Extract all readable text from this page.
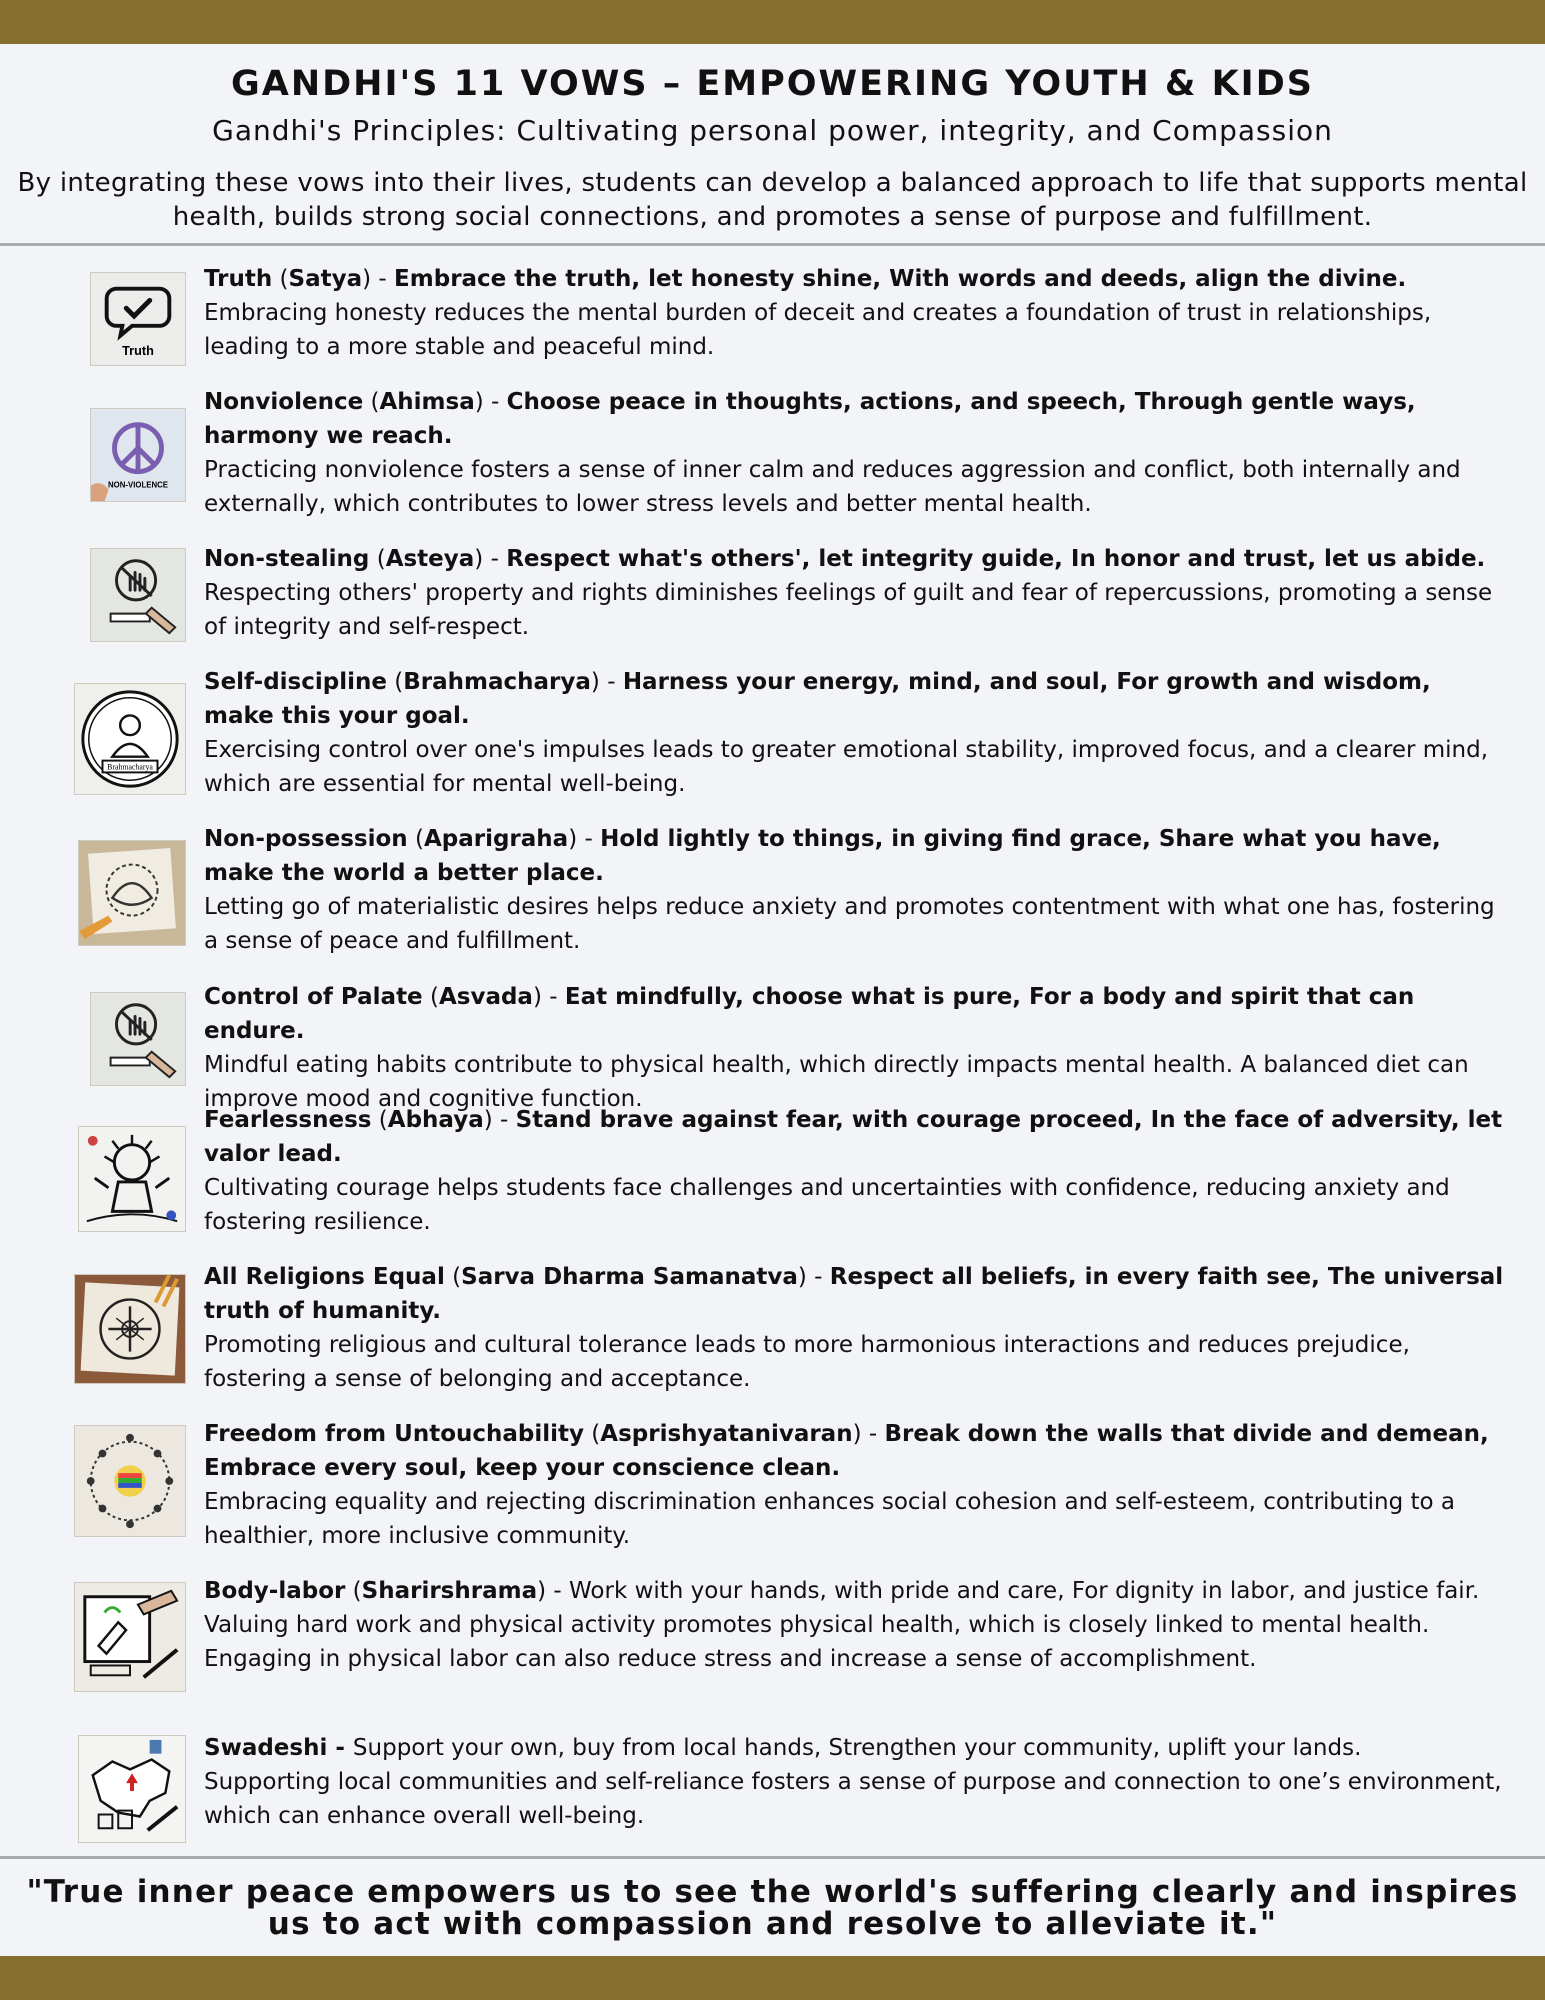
GANDHI'S 11 VOWS – EMPOWERING YOUTH & KIDS
Gandhi's Principles: Cultivating personal power, integrity, and Compassion
By integrating these vows into their lives, students can develop a balanced approach to life that supports mental health, builds strong social connections, and promotes a sense of purpose and fulfillment.
Truth
Truth (Satya) - Embrace the truth, let honesty shine, With words and deeds, align the divine.
Embracing honesty reduces the mental burden of deceit and creates a foundation of trust in relationships, leading to a more stable and peaceful mind.
NON-VIOLENCE
Nonviolence (Ahimsa) - Choose peace in thoughts, actions, and speech, Through gentle ways, harmony we reach.
Practicing nonviolence fosters a sense of inner calm and reduces aggression and conflict, both internally and externally, which contributes to lower stress levels and better mental health.
Non-stealing (Asteya) - Respect what's others', let integrity guide, In honor and trust, let us abide.
Respecting others' property and rights diminishes feelings of guilt and fear of repercussions, promoting a sense of integrity and self-respect.
Brahmacharya
Self-discipline (Brahmacharya) - Harness your energy, mind, and soul, For growth and wisdom, make this your goal.
Exercising control over one's impulses leads to greater emotional stability, improved focus, and a clearer mind, which are essential for mental well-being.
Non-possession (Aparigraha) - Hold lightly to things, in giving find grace, Share what you have, make the world a better place.
Letting go of materialistic desires helps reduce anxiety and promotes contentment with what one has, fostering a sense of peace and fulfillment.
Control of Palate (Asvada) - Eat mindfully, choose what is pure, For a body and spirit that can endure.
Mindful eating habits contribute to physical health, which directly impacts mental health. A balanced diet can improve mood and cognitive function.
Fearlessness (Abhaya) - Stand brave against fear, with courage proceed, In the face of adversity, let valor lead.
Cultivating courage helps students face challenges and uncertainties with confidence, reducing anxiety and fostering resilience.
All Religions Equal (Sarva Dharma Samanatva) - Respect all beliefs, in every faith see, The universal truth of humanity.
Promoting religious and cultural tolerance leads to more harmonious interactions and reduces prejudice, fostering a sense of belonging and acceptance.
Freedom from Untouchability (Asprishyatanivaran) - Break down the walls that divide and demean, Embrace every soul, keep your conscience clean.
Embracing equality and rejecting discrimination enhances social cohesion and self-esteem, contributing to a healthier, more inclusive community.
Body-labor (Sharirshrama) - Work with your hands, with pride and care, For dignity in labor, and justice fair.
Valuing hard work and physical activity promotes physical health, which is closely linked to mental health. Engaging in physical labor can also reduce stress and increase a sense of accomplishment.
Swadeshi - Support your own, buy from local hands, Strengthen your community, uplift your lands.
Supporting local communities and self-reliance fosters a sense of purpose and connection to one’s environment, which can enhance overall well-being.
"True inner peace empowers us to see the world's suffering clearly and inspires us to act with compassion and resolve to alleviate it."
